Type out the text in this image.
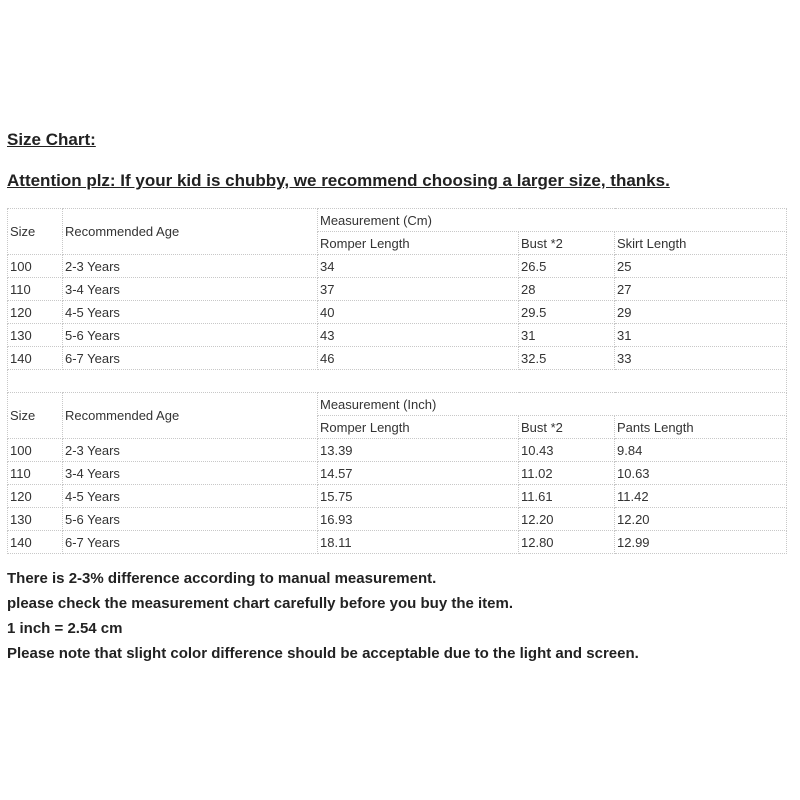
Size Chart:
Attention plz: If your kid is chubby, we recommend choosing a larger size, thanks.
Size	Recommended Age	Measurement (Cm)		
		Romper Length	Bust *2	Skirt Length
100	2-3 Years	34	26.5	25
110	3-4 Years	37	28	27
120	4-5 Years	40	29.5	29
130	5-6 Years	43	31	31
140	6-7 Years	46	32.5	33

Size	Recommended Age	Measurement (Inch)		
		Romper Length	Bust *2	Pants Length
100	2-3 Years	13.39	10.43	9.84
110	3-4 Years	14.57	11.02	10.63
120	4-5 Years	15.75	11.61	11.42
130	5-6 Years	16.93	12.20	12.20
140	6-7 Years	18.11	12.80	12.99
There is 2-3% difference according to manual measurement.
please check the measurement chart carefully before you buy the item.
1 inch = 2.54 cm
Please note that slight color difference should be acceptable due to the light and screen.
